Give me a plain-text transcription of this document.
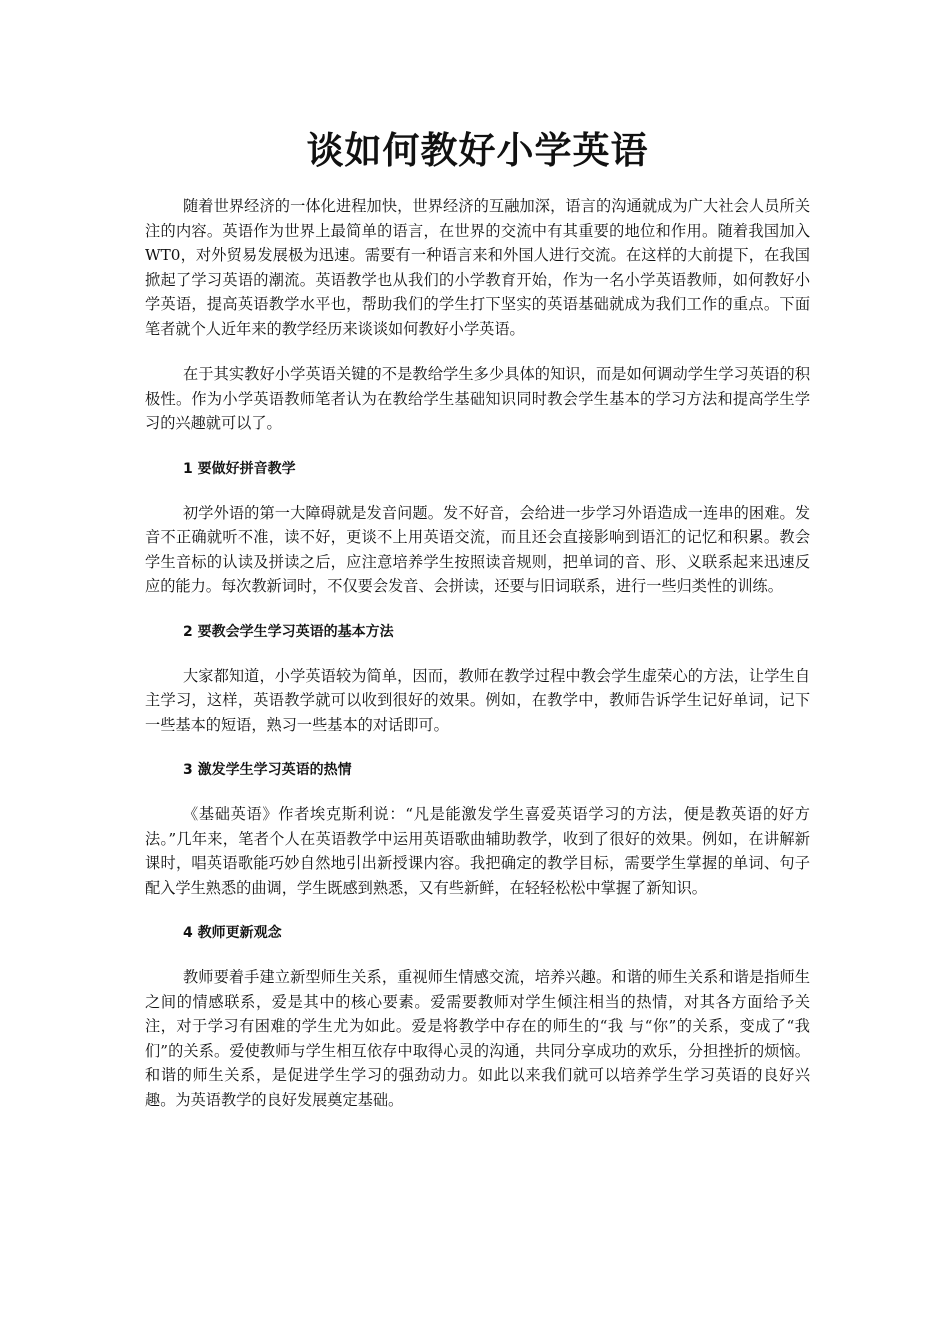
谈如何教好小学英语

随着世界经济的一体化进程加快，世界经济的互融加深，语言的沟通就成为广大社会人员所关注的内容。英语作为世界上最简单的语言，在世界的交流中有其重要的地位和作用。随着我国加入WT0，对外贸易发展极为迅速。需要有一种语言来和外国人进行交流。在这样的大前提下，在我国掀起了学习英语的潮流。英语教学也从我们的小学教育开始，作为一名小学英语教师，如何教好小学英语，提高英语教学水平也，帮助我们的学生打下坚实的英语基础就成为我们工作的重点。下面笔者就个人近年来的教学经历来谈谈如何教好小学英语。

在于其实教好小学英语关键的不是教给学生多少具体的知识，而是如何调动学生学习英语的积极性。作为小学英语教师笔者认为在教给学生基础知识同时教会学生基本的学习方法和提高学生学习的兴趣就可以了。

1 要做好拼音教学

初学外语的第一大障碍就是发音问题。发不好音，会给进一步学习外语造成一连串的困难。发音不正确就听不准，读不好，更谈不上用英语交流，而且还会直接影响到语汇的记忆和积累。教会学生音标的认读及拼读之后，应注意培养学生按照读音规则，把单词的音、形、义联系起来迅速反应的能力。每次教新词时，不仅要会发音、会拼读，还要与旧词联系，进行一些归类性的训练。

2 要教会学生学习英语的基本方法

大家都知道，小学英语较为简单，因而，教师在教学过程中教会学生虚荣心的方法，让学生自主学习，这样，英语教学就可以收到很好的效果。例如，在教学中，教师告诉学生记好单词，记下一些基本的短语，熟习一些基本的对话即可。

3 激发学生学习英语的热情

《基础英语》作者埃克斯利说：“凡是能激发学生喜爱英语学习的方法，便是教英语的好方法。”几年来，笔者个人在英语教学中运用英语歌曲辅助教学，收到了很好的效果。例如，在讲解新课时，唱英语歌能巧妙自然地引出新授课内容。我把确定的教学目标，需要学生掌握的单词、句子配入学生熟悉的曲调，学生既感到熟悉，又有些新鲜，在轻轻松松中掌握了新知识。

4 教师更新观念

教师要着手建立新型师生关系，重视师生情感交流，培养兴趣。和谐的师生关系和谐是指师生之间的情感联系，爱是其中的核心要素。爱需要教师对学生倾注相当的热情，对其各方面给予关注，对于学习有困难的学生尤为如此。爱是将教学中存在的师生的“我 与“你”的关系，变成了“我们”的关系。爱使教师与学生相互依存中取得心灵的沟通，共同分享成功的欢乐，分担挫折的烦恼。和谐的师生关系，是促进学生学习的强劲动力。如此以来我们就可以培养学生学习英语的良好兴趣。为英语教学的良好发展奠定基础。
